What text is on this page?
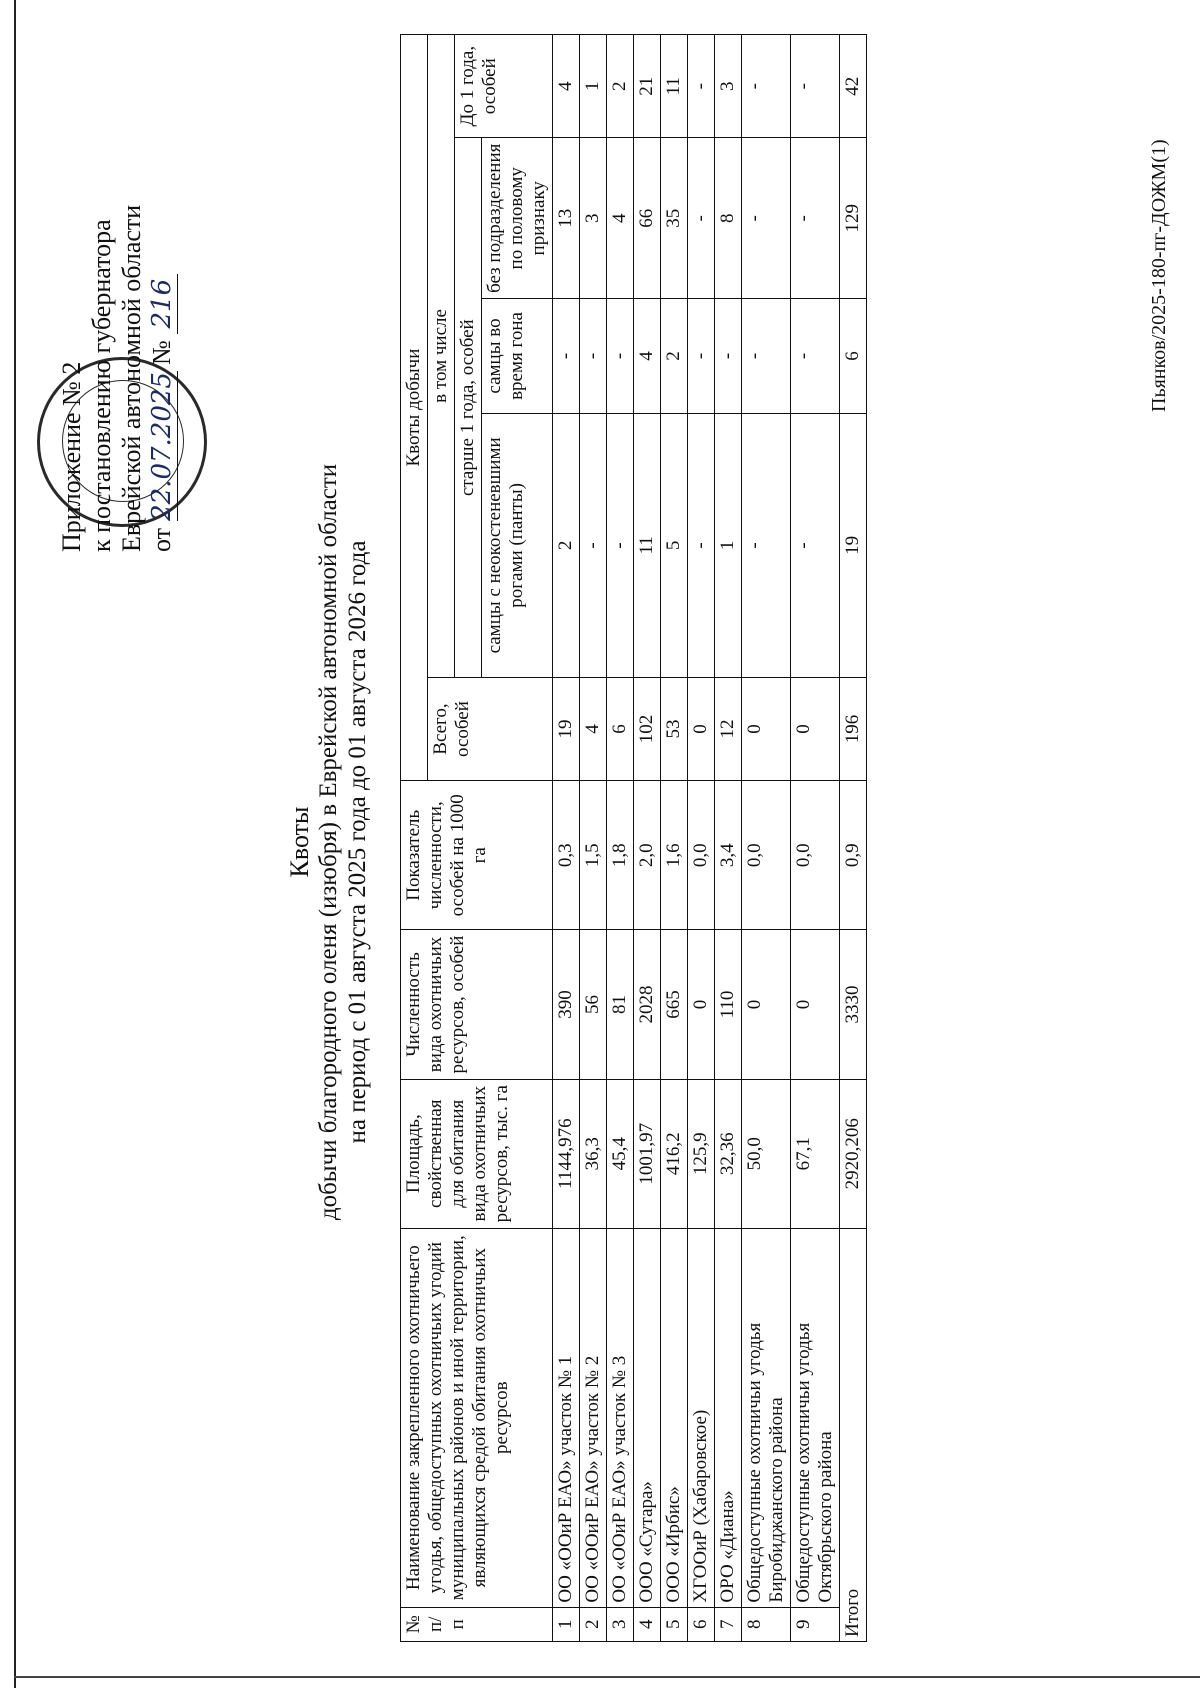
Приложение № 2 к постановлению губернатора Еврейской автономной области от 22.07.2025 № 216
Квоты добычи благородного оленя (изюбря) в Еврейской автономной области на период с 01 августа 2025 года до 01 августа 2026 года
№ п/п	Наименование закрепленного охотничьего угодья, общедоступных охотничьих угодий муниципальных районов и иной территории, являющихся средой обитания охотничьих ресурсов	Площадь, свойственная для обитания вида охотничьих ресурсов, тыс. га	Численность вида охотничьих ресурсов, особей	Показатель численности, особей на 1000 га	Квоты добычи				
					Всего, особей	в том числе			
						старше 1 года, особей			До 1 года, особей
						самцы с неокостеневшими рогами (панты)	самцы во время гона	без подразделения по половому признаку	
1	ОО «ООиР ЕАО» участок № 1	1144,976	390	0,3	19	2	-	13	4
2	ОО «ООиР ЕАО» участок № 2	36,3	56	1,5	4	-	-	3	1
3	ОО «ООиР ЕАО» участок № 3	45,4	81	1,8	6	-	-	4	2
4	ООО «Сутара»	1001,97	2028	2,0	102	11	4	66	21
5	ООО «Ирбис»	416,2	665	1,6	53	5	2	35	11
6	ХГООиР (Хабаровское)	125,9	0	0,0	0	-	-	-	-
7	ОРО «Диана»	32,36	110	3,4	12	1	-	8	3
8	Общедоступные охотничьи угодья Биробиджанского района	50,0	0	0,0	0	-	-	-	-
9	Общедоступные охотничьи угодья Октябрьского района	67,1	0	0,0	0	-	-	-	-
Итого		2920,206	3330	0,9	196	19	6	129	42
Пьянков/2025-180-пг-ДОЖМ(1)
